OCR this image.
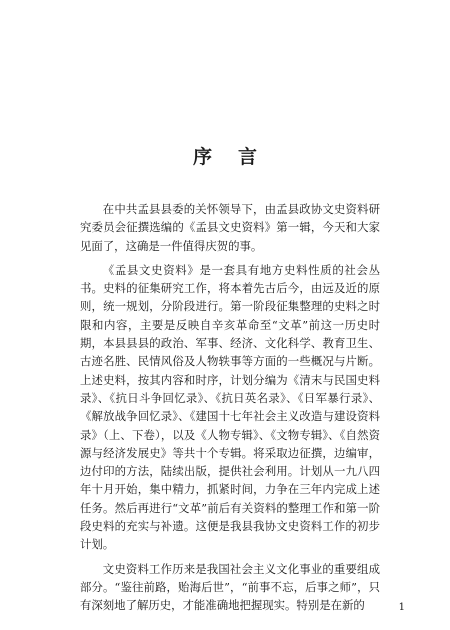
序言

在中共孟县县委的关怀领导下，由孟县政协文史资料研究委员会征撰选编的《孟县文史资料》第一辑，今天和大家见面了，这确是一件值得庆贺的事。

《孟县文史资料》是一套具有地方史料性质的社会丛书。史料的征集研究工作，将本着先古后今，由远及近的原则，统一规划，分阶段进行。第一阶段征集整理的史料之时限和内容，主要是反映自辛亥革命至“文革”前这一历史时期，本县县县的政治、军事、经济、文化科学、教育卫生、古迹名胜、民情风俗及人物轶事等方面的一些概况与片断。上述史料，按其内容和时序，计划分编为《清末与民国史料录》、《抗日斗争回忆录》、《抗日英名录》、《日军暴行录》、《解放战争回忆录》、《建国十七年社会主义改造与建设资料录》（上、下卷），以及《人物专辑》、《文物专辑》、《自然资源与经济发展史》等共十个专辑。将采取边征撰，边编审，边付印的方法，陆续出版，提供社会利用。计划从一九八四年十月开始，集中精力，抓紧时间，力争在三年内完成上述任务。然后再进行“文革”前后有关资料的整理工作和第一阶段史料的充实与补遗。这便是我县我协文史资料工作的初步计划。

文史资料工作历来是我国社会主义文化事业的重要组成部分。“鉴往前路，贻海后世”，“前事不忘，后事之师”，只有深刻地了解历史，才能准确地把握现实。特别是在新的	1
